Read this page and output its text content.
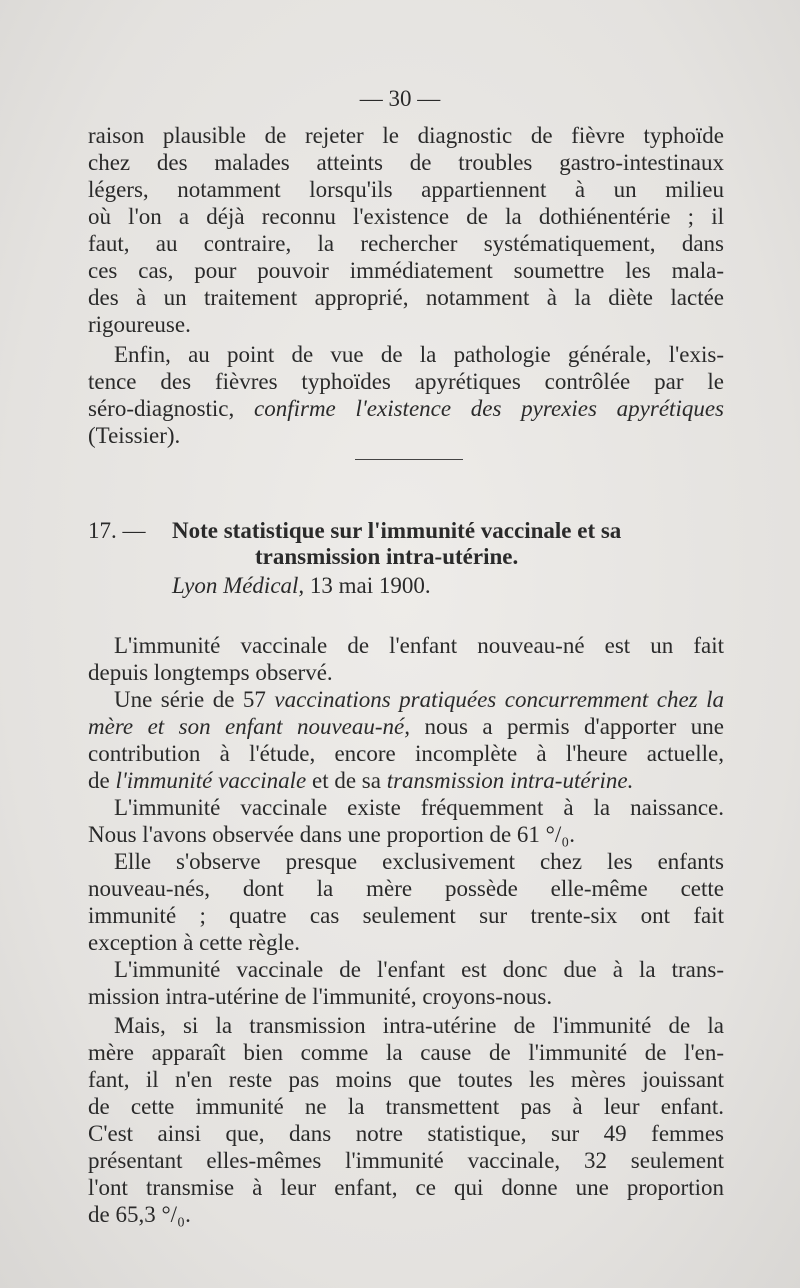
— 30 —
raison plausible de rejeter le diagnostic de fièvre typhoïde
chez des malades atteints de troubles gastro-intestinaux
légers, notamment lorsqu'ils appartiennent à un milieu
où l'on a déjà reconnu l'existence de la dothiénentérie ; il
faut, au contraire, la rechercher systématiquement, dans
ces cas, pour pouvoir immédiatement soumettre les mala-
des à un traitement approprié, notamment à la diète lactée
rigoureuse.
Enfin, au point de vue de la pathologie générale, l'exis-
tence des fièvres typhoïdes apyrétiques contrôlée par le
séro-diagnostic, confirme l'existence des pyrexies apyrétiques
(Teissier).
17. — Note statistique sur l'immunité vaccinale et sa
transmission intra-utérine.
Lyon Médical, 13 mai 1900.
L'immunité vaccinale de l'enfant nouveau-né est un fait
depuis longtemps observé.
Une série de 57 vaccinations pratiquées concurremment chez la
mère et son enfant nouveau-né, nous a permis d'apporter une
contribution à l'étude, encore incomplète à l'heure actuelle,
de l'immunité vaccinale et de sa transmission intra-utérine.
L'immunité vaccinale existe fréquemment à la naissance.
Nous l'avons observée dans une proportion de 61 °/₀.
Elle s'observe presque exclusivement chez les enfants
nouveau-nés, dont la mère possède elle-même cette
immunité ; quatre cas seulement sur trente-six ont fait
exception à cette règle.
L'immunité vaccinale de l'enfant est donc due à la trans-
mission intra-utérine de l'immunité, croyons-nous.
Mais, si la transmission intra-utérine de l'immunité de la
mère apparaît bien comme la cause de l'immunité de l'en-
fant, il n'en reste pas moins que toutes les mères jouissant
de cette immunité ne la transmettent pas à leur enfant.
C'est ainsi que, dans notre statistique, sur 49 femmes
présentant elles-mêmes l'immunité vaccinale, 32 seulement
l'ont transmise à leur enfant, ce qui donne une proportion
de 65,3 °/₀.
